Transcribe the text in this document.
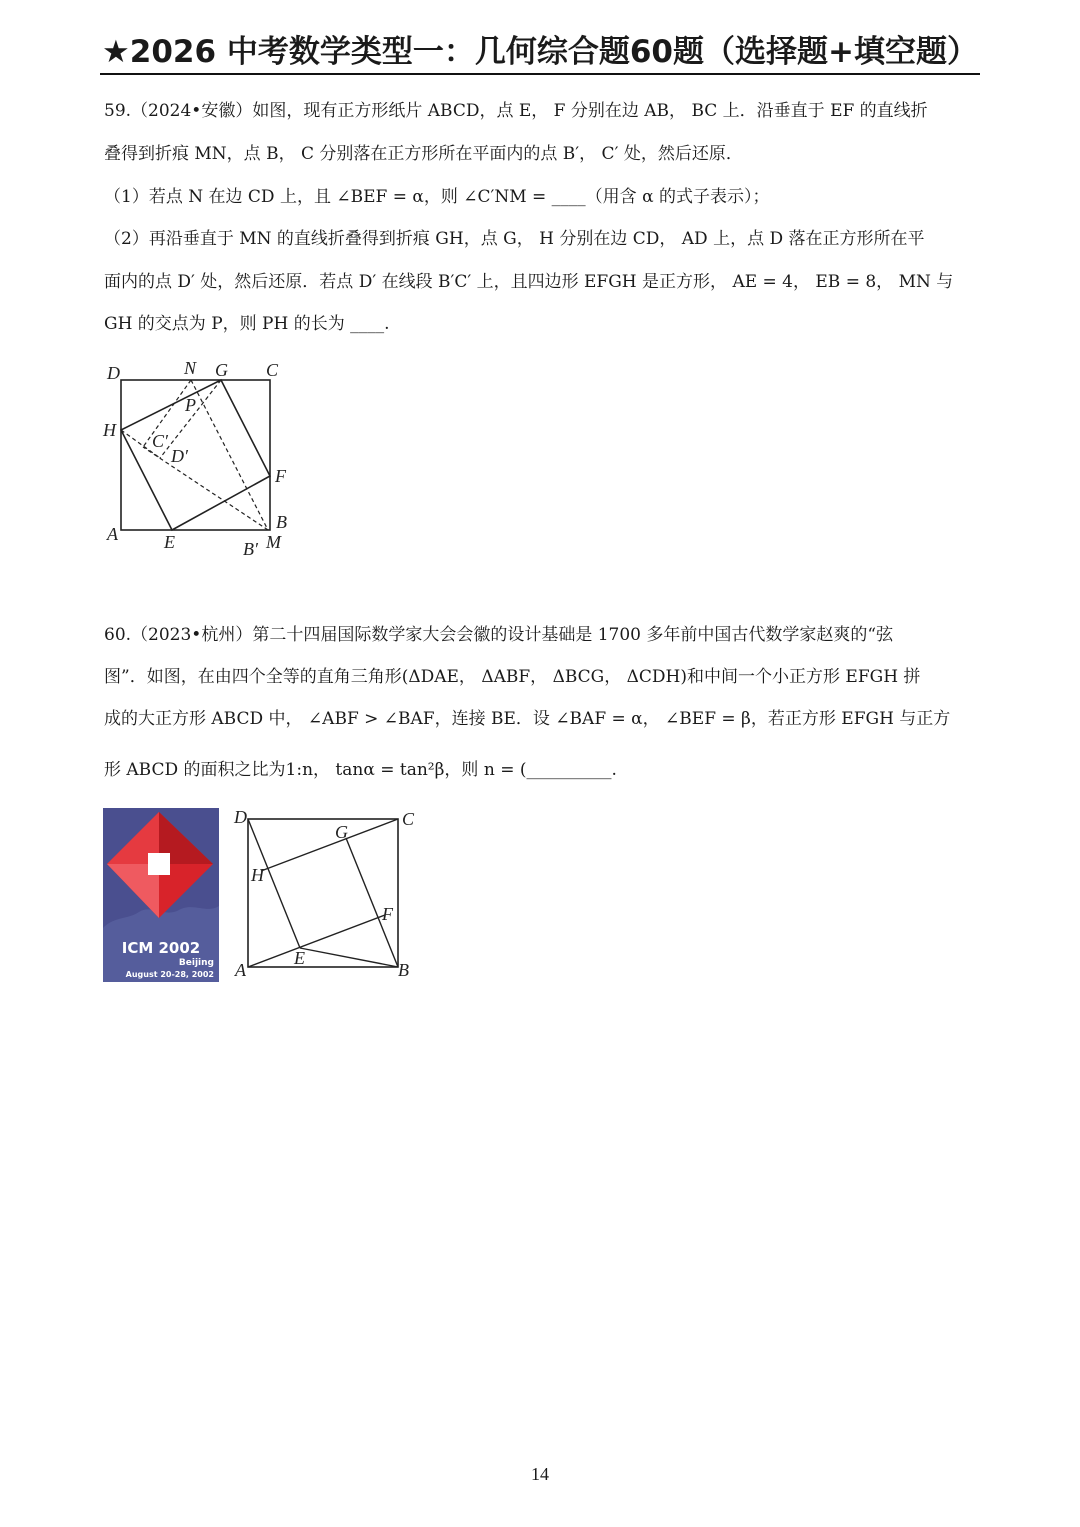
★2026 中考数学类型一：几何综合题60题（选择题+填空题）
59.（2024•安徽）如图，现有正方形纸片 ABCD，点 E， F 分别在边 AB， BC 上．沿垂直于 EF 的直线折
叠得到折痕 MN，点 B， C 分别落在正方形所在平面内的点 B′， C′ 处，然后还原．
（1）若点 N 在边 CD 上，且 ∠BEF = α，则 ∠C′NM = ____（用含 α 的式子表示）；
（2）再沿垂直于 MN 的直线折叠得到折痕 GH，点 G， H 分别在边 CD， AD 上，点 D 落在正方形所在平
面内的点 D′ 处，然后还原．若点 D′ 在线段 B′C′ 上，且四边形 EFGH 是正方形， AE = 4， EB = 8， MN 与
GH 的交点为 P，则 PH 的长为 ____.
D	N G C
H
P
C′
D′
F
A	E
B
B′ M
60.（2023•杭州）第二十四届国际数学家大会会徽的设计基础是 1700 多年前中国古代数学家赵爽的“弦
图”．如图，在由四个全等的直角三角形(ΔDAE， ΔABF， ΔBCG， ΔCDH)和中间一个小正方形 EFGH 拼
成的大正方形 ABCD 中， ∠ABF > ∠BAF，连接 BE．设 ∠BAF = α， ∠BEF = β，若正方形 EFGH 与正方
形 ABCD 的面积之比为1:n， tanα = tan²β，则 n = (__________.
ICM 2002
Beijing
August 20-28, 2002
D
G
C
H
F
A
E
B
14
